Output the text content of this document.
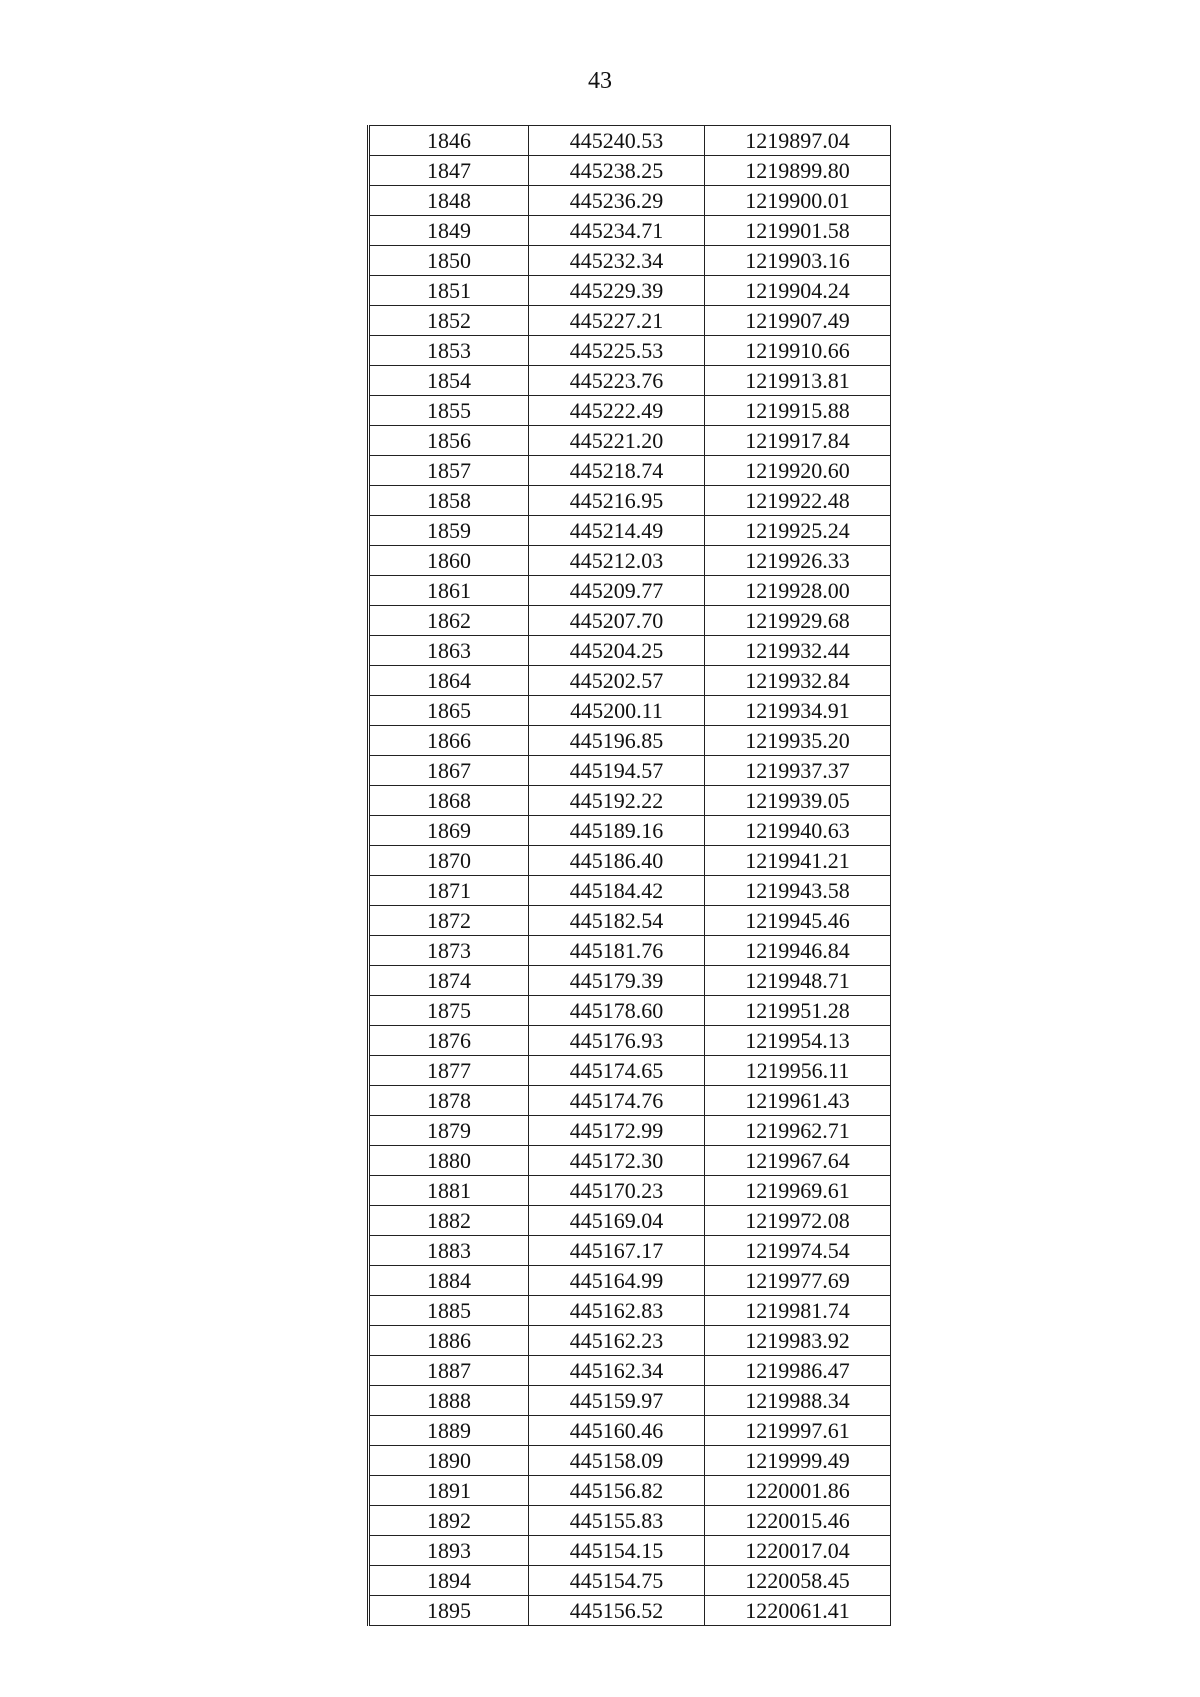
43
1846	445240.53	1219897.04
1847	445238.25	1219899.80
1848	445236.29	1219900.01
1849	445234.71	1219901.58
1850	445232.34	1219903.16
1851	445229.39	1219904.24
1852	445227.21	1219907.49
1853	445225.53	1219910.66
1854	445223.76	1219913.81
1855	445222.49	1219915.88
1856	445221.20	1219917.84
1857	445218.74	1219920.60
1858	445216.95	1219922.48
1859	445214.49	1219925.24
1860	445212.03	1219926.33
1861	445209.77	1219928.00
1862	445207.70	1219929.68
1863	445204.25	1219932.44
1864	445202.57	1219932.84
1865	445200.11	1219934.91
1866	445196.85	1219935.20
1867	445194.57	1219937.37
1868	445192.22	1219939.05
1869	445189.16	1219940.63
1870	445186.40	1219941.21
1871	445184.42	1219943.58
1872	445182.54	1219945.46
1873	445181.76	1219946.84
1874	445179.39	1219948.71
1875	445178.60	1219951.28
1876	445176.93	1219954.13
1877	445174.65	1219956.11
1878	445174.76	1219961.43
1879	445172.99	1219962.71
1880	445172.30	1219967.64
1881	445170.23	1219969.61
1882	445169.04	1219972.08
1883	445167.17	1219974.54
1884	445164.99	1219977.69
1885	445162.83	1219981.74
1886	445162.23	1219983.92
1887	445162.34	1219986.47
1888	445159.97	1219988.34
1889	445160.46	1219997.61
1890	445158.09	1219999.49
1891	445156.82	1220001.86
1892	445155.83	1220015.46
1893	445154.15	1220017.04
1894	445154.75	1220058.45
1895	445156.52	1220061.41
